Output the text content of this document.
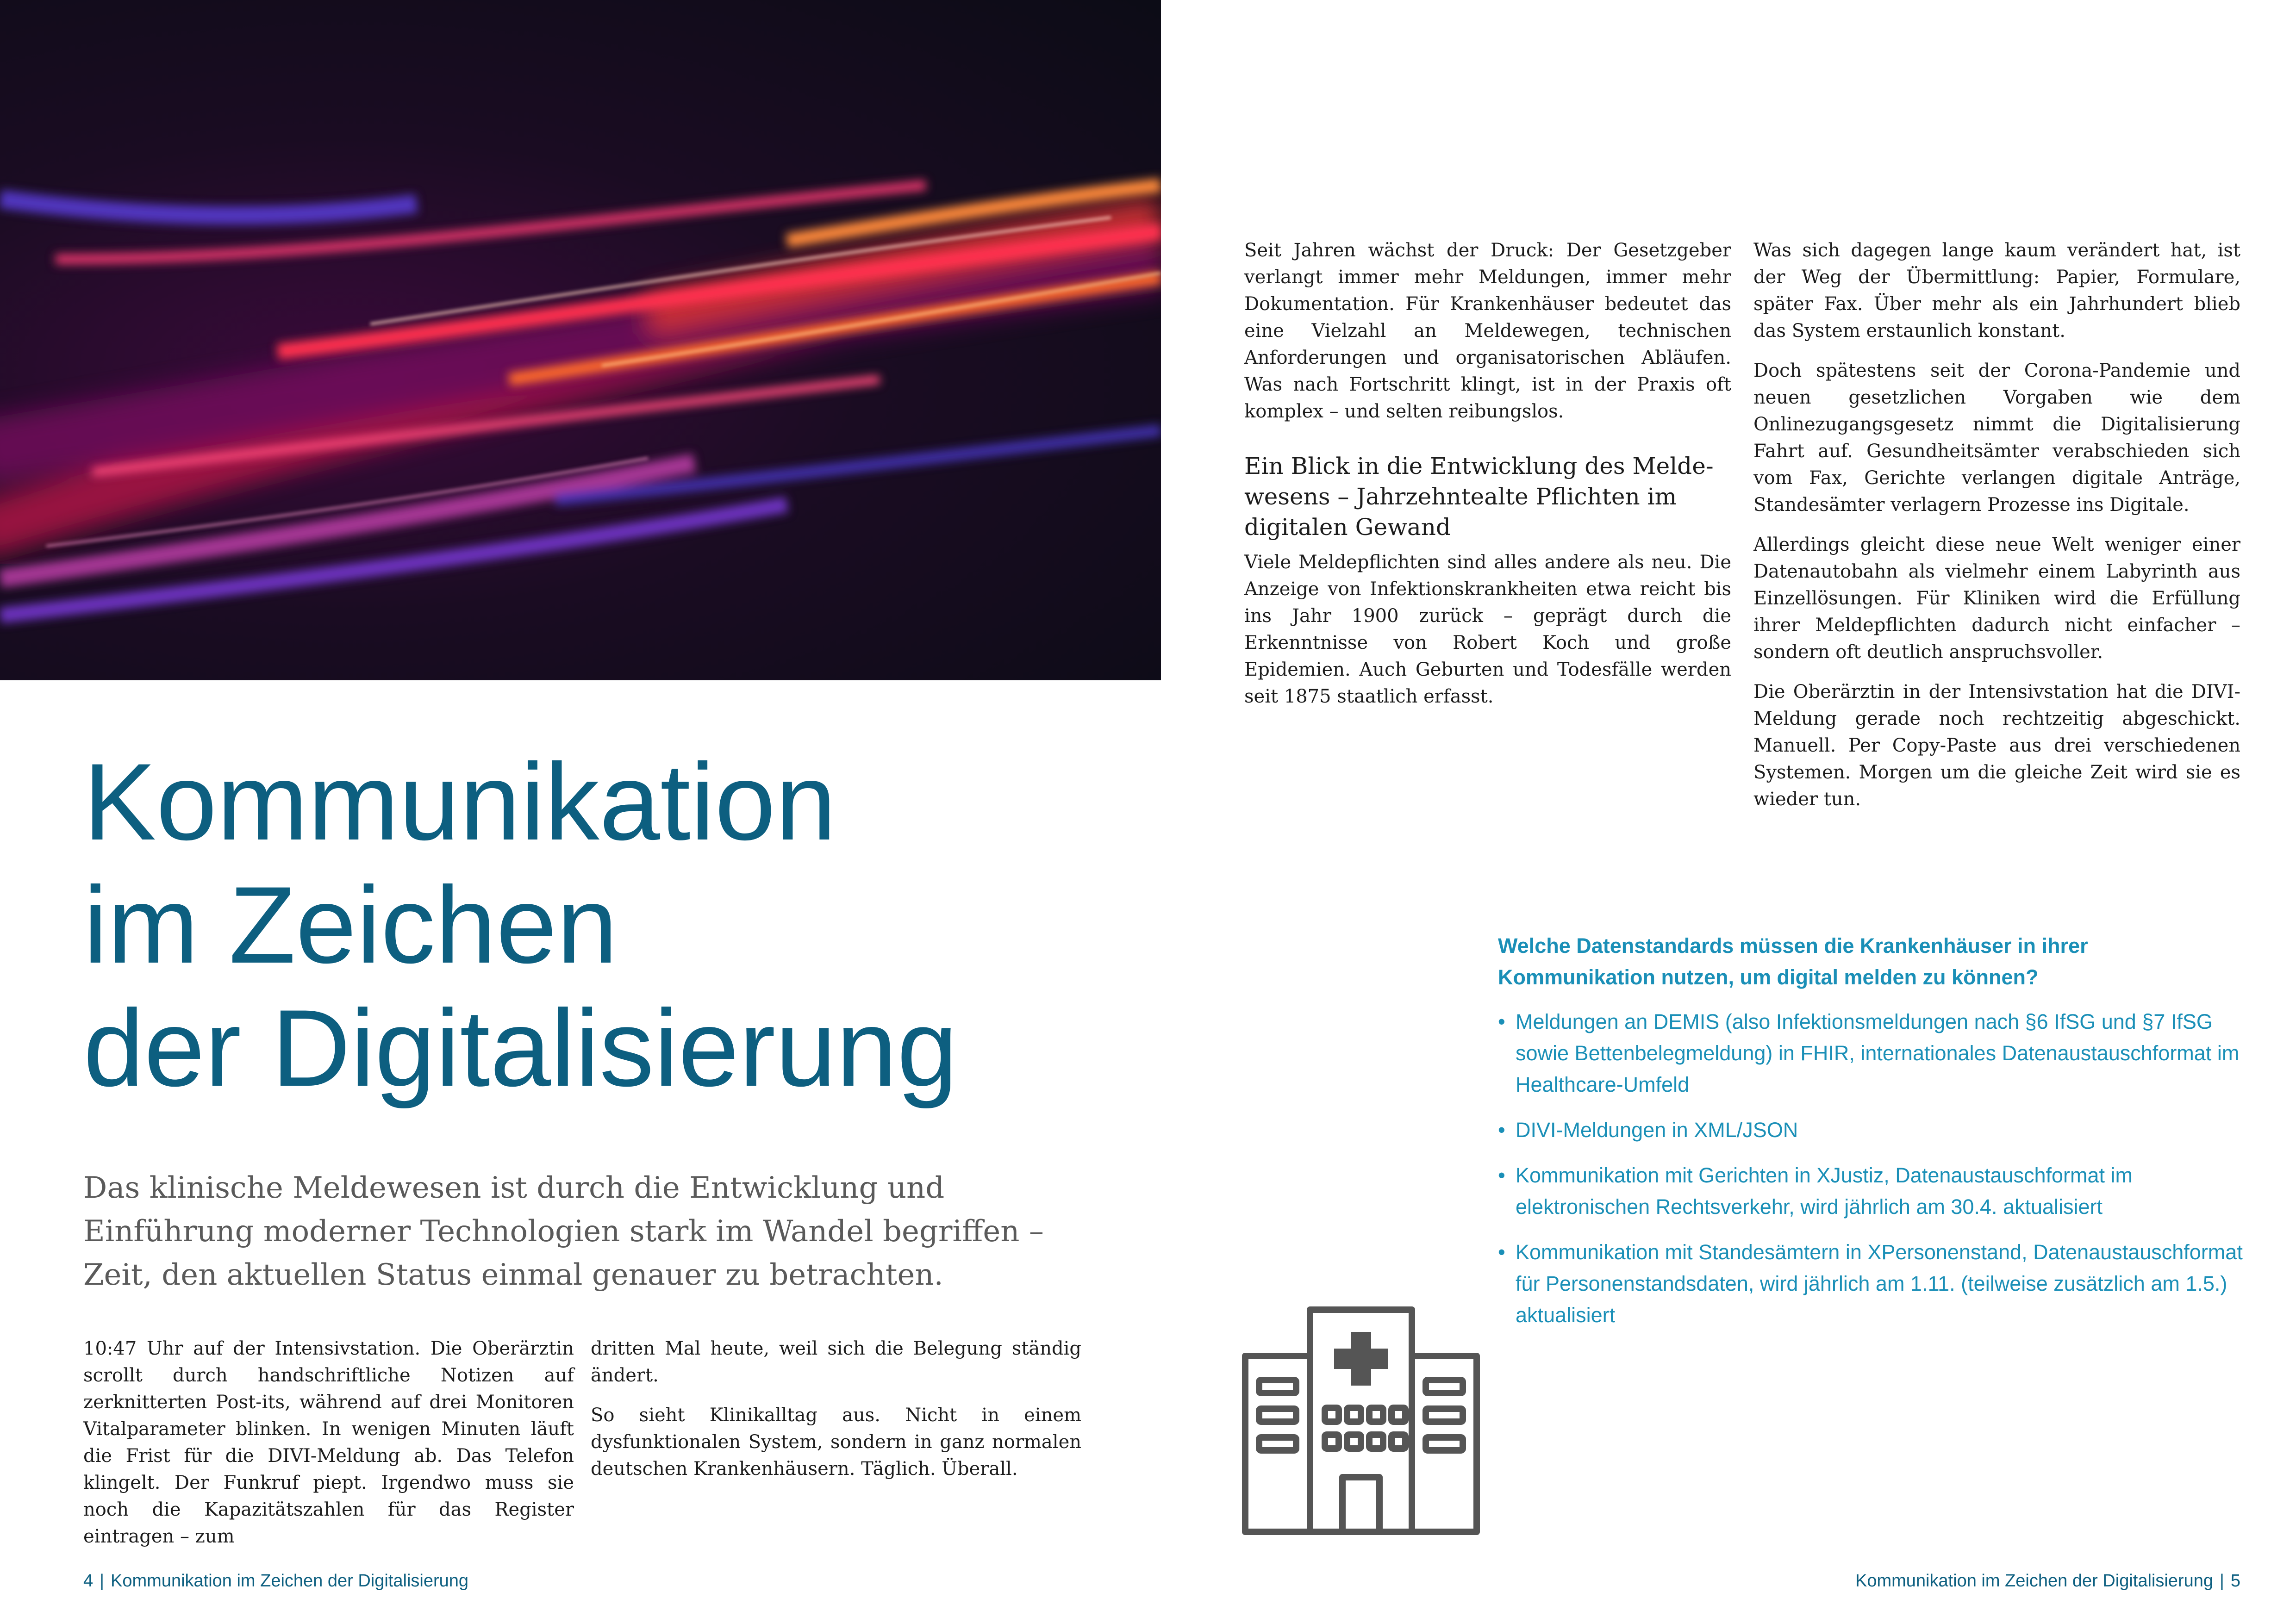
Kommunikation
im Zeichen
der Digitalisierung
Das klinische Meldewesen ist durch die Entwicklung und
Einführung moderner Technologien stark im Wandel begriffen –
Zeit, den aktuellen Status einmal genauer zu betrachten.

10:47 Uhr auf der Intensivstation. Die Oberärztin scrollt durch handschriftliche Notizen auf zerknitterten Post-its, während auf drei Monitoren Vitalparameter blinken. In wenigen Minuten läuft die Frist für die DIVI-Meldung ab. Das Telefon klingelt. Der Funkruf piept. Irgendwo muss sie noch die Kapazitätszahlen für das Register eintragen – zum

dritten Mal heute, weil sich die Belegung ständig ändert.

So sieht Klinikalltag aus. Nicht in einem dysfunktionalen System, sondern in ganz normalen deutschen Krankenhäusern. Täglich. Überall.

Seit Jahren wächst der Druck: Der Gesetzgeber verlangt immer mehr Meldungen, immer mehr Dokumentation. Für Krankenhäuser bedeutet das eine Vielzahl an Meldewegen, technischen Anforderungen und organisatorischen Abläufen. Was nach Fortschritt klingt, ist in der Praxis oft komplex – und selten reibungslos.

Ein Blick in die Entwicklung des Melde-
wesens – Jahrzehntealte Pflichten im
digitalen Gewand

Viele Meldepflichten sind alles andere als neu. Die Anzeige von Infektionskrankheiten etwa reicht bis ins Jahr 1900 zurück – geprägt durch die Erkenntnisse von Robert Koch und große Epidemien. Auch Geburten und Todesfälle werden seit 1875 staatlich erfasst.

Was sich dagegen lange kaum verändert hat, ist der Weg der Übermittlung: Papier, Formulare, später Fax. Über mehr als ein Jahrhundert blieb das System erstaunlich konstant.

Doch spätestens seit der Corona-Pandemie und neuen gesetzlichen Vorgaben wie dem Onlinezugangsgesetz nimmt die Digitalisierung Fahrt auf. Gesundheitsämter verabschieden sich vom Fax, Gerichte verlangen digitale Anträge, Standesämter verlagern Prozesse ins Digitale.

Allerdings gleicht diese neue Welt weniger einer Datenautobahn als vielmehr einem Labyrinth aus Einzellösungen. Für Kliniken wird die Erfüllung ihrer Meldepflichten dadurch nicht einfacher – sondern oft deutlich anspruchsvoller.

Die Oberärztin in der Intensivstation hat die DIVI-Meldung gerade noch rechtzeitig abgeschickt. Manuell. Per Copy-Paste aus drei verschiedenen Systemen. Morgen um die gleiche Zeit wird sie es wieder tun.

Welche Datenstandards müssen die Krankenhäuser in ihrer Kommunikation nutzen, um digital melden zu können?
• Meldungen an DEMIS (also Infektionsmeldungen nach §6 IfSG und §7 IfSG sowie Bettenbelegmeldung) in FHIR, internationales Datenaustauschformat im Healthcare-Umfeld
• DIVI-Meldungen in XML/JSON
• Kommunikation mit Gerichten in XJustiz, Datenaustauschformat im elektronischen Rechtsverkehr, wird jährlich am 30.4. aktualisiert
• Kommunikation mit Standesämtern in XPersonenstand, Datenaustauschformat für Personenstandsdaten, wird jährlich am 1.11. (teilweise zusätzlich am 1.5.) aktualisiert
4 | Kommunikation im Zeichen der Digitalisierung	Kommunikation im Zeichen der Digitalisierung | 5
